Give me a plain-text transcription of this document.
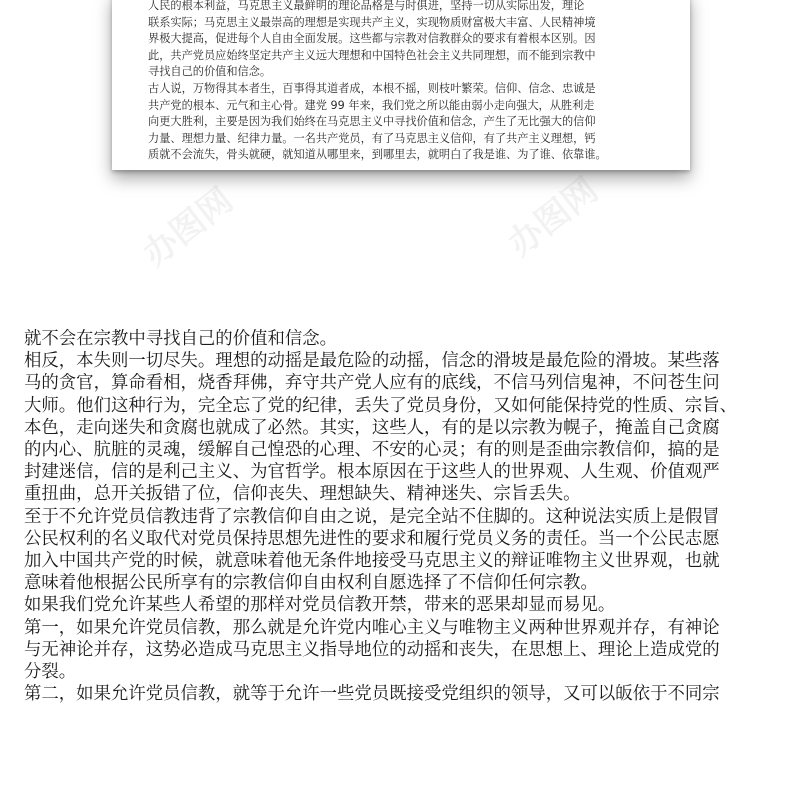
人民的根本利益，马克思主义最鲜明的理论品格是与时俱进，坚持一切从实际出发，理论
联系实际；马克思主义最崇高的理想是实现共产主义，实现物质财富极大丰富、人民精神境
界极大提高，促进每个人自由全面发展。这些都与宗教对信教群众的要求有着根本区别。因
此，共产党员应始终坚定共产主义远大理想和中国特色社会主义共同理想，而不能到宗教中
寻找自己的价值和信念。
古人说，万物得其本者生，百事得其道者成，本根不摇，则枝叶繁荣。信仰、信念、忠诚是
共产党的根本、元气和主心骨。建党 99 年来，我们党之所以能由弱小走向强大，从胜利走
向更大胜利，主要是因为我们始终在马克思主义中寻找价值和信念，产生了无比强大的信仰
力量、理想力量、纪律力量。一名共产党员，有了马克思主义信仰，有了共产主义理想，钙
质就不会流失，骨头就硬，就知道从哪里来，到哪里去，就明白了我是谁、为了谁、依靠谁。
办图网	办图网
就不会在宗教中寻找自己的价值和信念。
相反，本失则一切尽失。理想的动摇是最危险的动摇，信念的滑坡是最危险的滑坡。某些落
马的贪官，算命看相，烧香拜佛，弃守共产党人应有的底线，不信马列信鬼神，不问苍生问
大师。他们这种行为，完全忘了党的纪律，丢失了党员身份，又如何能保持党的性质、宗旨、
本色，走向迷失和贪腐也就成了必然。其实，这些人，有的是以宗教为幌子，掩盖自己贪腐
的内心、肮脏的灵魂，缓解自己惶恐的心理、不安的心灵；有的则是歪曲宗教信仰，搞的是
封建迷信，信的是利己主义、为官哲学。根本原因在于这些人的世界观、人生观、价值观严
重扭曲，总开关扳错了位，信仰丧失、理想缺失、精神迷失、宗旨丢失。
至于不允许党员信教违背了宗教信仰自由之说，是完全站不住脚的。这种说法实质上是假冒
公民权利的名义取代对党员保持思想先进性的要求和履行党员义务的责任。当一个公民志愿
加入中国共产党的时候，就意味着他无条件地接受马克思主义的辩证唯物主义世界观，也就
意味着他根据公民所享有的宗教信仰自由权利自愿选择了不信仰任何宗教。
如果我们党允许某些人希望的那样对党员信教开禁，带来的恶果却显而易见。
第一，如果允许党员信教，那么就是允许党内唯心主义与唯物主义两种世界观并存，有神论
与无神论并存，这势必造成马克思主义指导地位的动摇和丧失，在思想上、理论上造成党的
分裂。
第二，如果允许党员信教，就等于允许一些党员既接受党组织的领导，又可以皈依于不同宗
